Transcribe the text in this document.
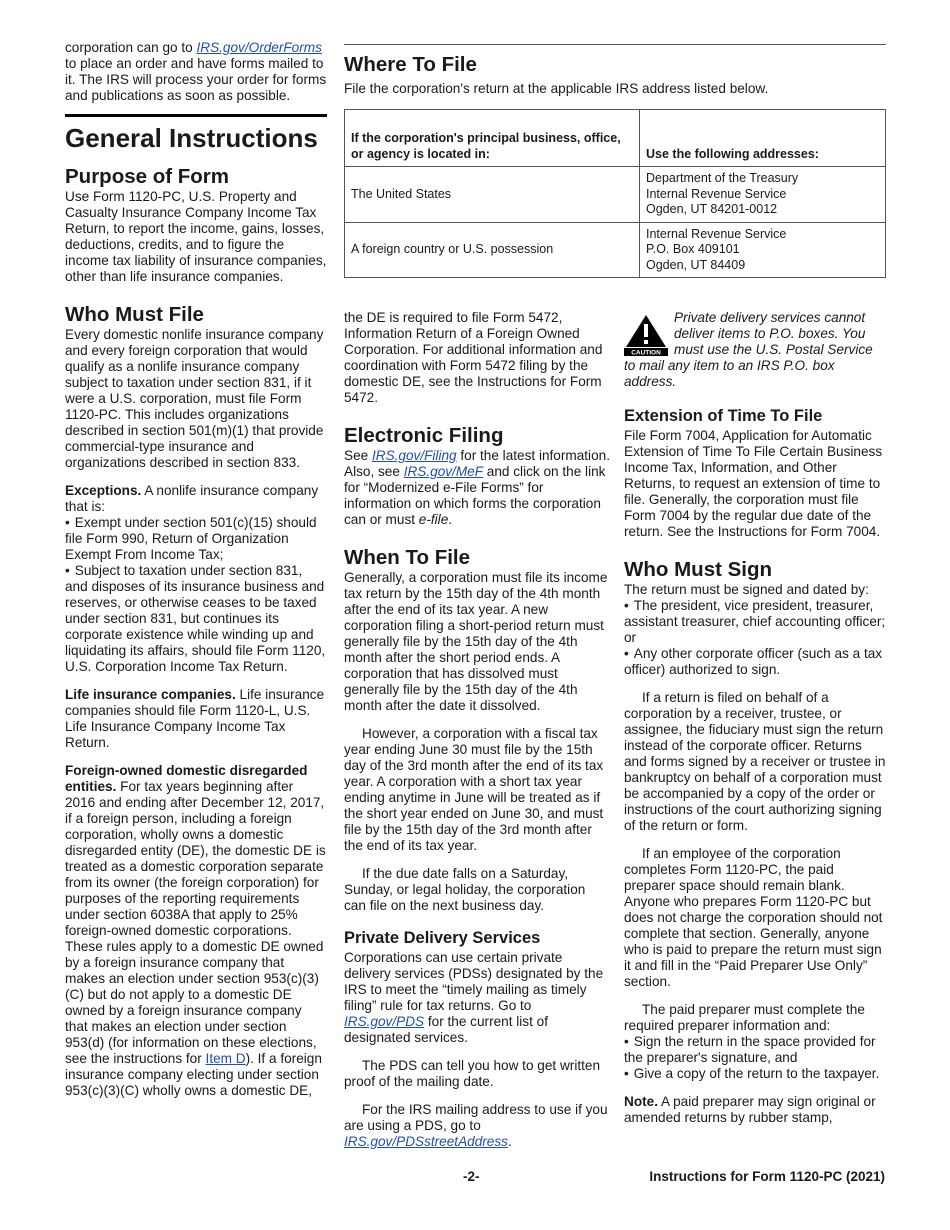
corporation can go to IRS.gov/OrderForms to place an order and have forms mailed to it. The IRS will process your order for forms and publications as soon as possible.

General Instructions
Purpose of Form

Use Form 1120-PC, U.S. Property and Casualty Insurance Company Income Tax Return, to report the income, gains, losses, deductions, credits, and to figure the income tax liability of insurance companies, other than life insurance companies.

Who Must File

Every domestic nonlife insurance company and every foreign corporation that would qualify as a nonlife insurance company subject to taxation under section 831, if it were a U.S. corporation, must file Form 1120-PC. This includes organizations described in section 501(m)(1) that provide commercial-type insurance and organizations described in section 833.

Exceptions. A nonlife insurance company that is:

• Exempt under section 501(c)(15) should file Form 990, Return of Organization Exempt From Income Tax;

• Subject to taxation under section 831, and disposes of its insurance business and reserves, or otherwise ceases to be taxed under section 831, but continues its corporate existence while winding up and liquidating its affairs, should file Form 1120, U.S. Corporation Income Tax Return.

Life insurance companies. Life insurance companies should file Form 1120-L, U.S. Life Insurance Company Income Tax Return.

Foreign-owned domestic disregarded entities. For tax years beginning after 2016 and ending after December 12, 2017, if a foreign person, including a foreign corporation, wholly owns a domestic disregarded entity (DE), the domestic DE is treated as a domestic corporation separate from its owner (the foreign corporation) for purposes of the reporting requirements under section 6038A that apply to 25% foreign-owned domestic corporations. These rules apply to a domestic DE owned by a foreign insurance company that makes an election under section 953(c)(3)(C) but do not apply to a domestic DE owned by a foreign insurance company that makes an election under section 953(d) (for information on these elections, see the instructions for Item D). If a foreign insurance company electing under section 953(c)(3)(C) wholly owns a domestic DE,

Where To File

File the corporation's return at the applicable IRS address listed below.

If the corporation's principal business, office, or agency is located in:	Use the following addresses:
The United States	Department of the Treasury
Internal Revenue Service
Ogden, UT 84201-0012

A foreign country or U.S. possession	Internal Revenue Service
P.O. Box 409101
Ogden, UT 84409

the DE is required to file Form 5472, Information Return of a Foreign Owned Corporation. For additional information and coordination with Form 5472 filing by the domestic DE, see the Instructions for Form 5472.

Electronic Filing

See IRS.gov/Filing for the latest information. Also, see IRS.gov/MeF and click on the link for “Modernized e-File Forms” for information on which forms the corporation can or must e-file.

When To File

Generally, a corporation must file its income tax return by the 15th day of the 4th month after the end of its tax year. A new corporation filing a short-period return must generally file by the 15th day of the 4th month after the short period ends. A corporation that has dissolved must generally file by the 15th day of the 4th month after the date it dissolved.

However, a corporation with a fiscal tax year ending June 30 must file by the 15th day of the 3rd month after the end of its tax year. A corporation with a short tax year ending anytime in June will be treated as if the short year ended on June 30, and must file by the 15th day of the 3rd month after the end of its tax year.

If the due date falls on a Saturday, Sunday, or legal holiday, the corporation can file on the next business day.

Private Delivery Services

Corporations can use certain private delivery services (PDSs) designated by the IRS to meet the “timely mailing as timely filing” rule for tax returns. Go to IRS.gov/PDS for the current list of designated services.

The PDS can tell you how to get written proof of the mailing date.

For the IRS mailing address to use if you are using a PDS, go to IRS.gov/PDSstreetAddress.

CAUTION

Private delivery services cannot deliver items to P.O. boxes. You must use the U.S. Postal Service to mail any item to an IRS P.O. box address.

Extension of Time To File

File Form 7004, Application for Automatic Extension of Time To File Certain Business Income Tax, Information, and Other Returns, to request an extension of time to file. Generally, the corporation must file Form 7004 by the regular due date of the return. See the Instructions for Form 7004.

Who Must Sign

The return must be signed and dated by:

• The president, vice president, treasurer, assistant treasurer, chief accounting officer; or

• Any other corporate officer (such as a tax officer) authorized to sign.

If a return is filed on behalf of a corporation by a receiver, trustee, or assignee, the fiduciary must sign the return instead of the corporate officer. Returns and forms signed by a receiver or trustee in bankruptcy on behalf of a corporation must be accompanied by a copy of the order or instructions of the court authorizing signing of the return or form.

If an employee of the corporation completes Form 1120-PC, the paid preparer space should remain blank. Anyone who prepares Form 1120-PC but does not charge the corporation should not complete that section. Generally, anyone who is paid to prepare the return must sign it and fill in the “Paid Preparer Use Only” section.

The paid preparer must complete the required preparer information and:

• Sign the return in the space provided for the preparer's signature, and

• Give a copy of the return to the taxpayer.

Note. A paid preparer may sign original or amended returns by rubber stamp,

-2-	Instructions for Form 1120-PC (2021)
